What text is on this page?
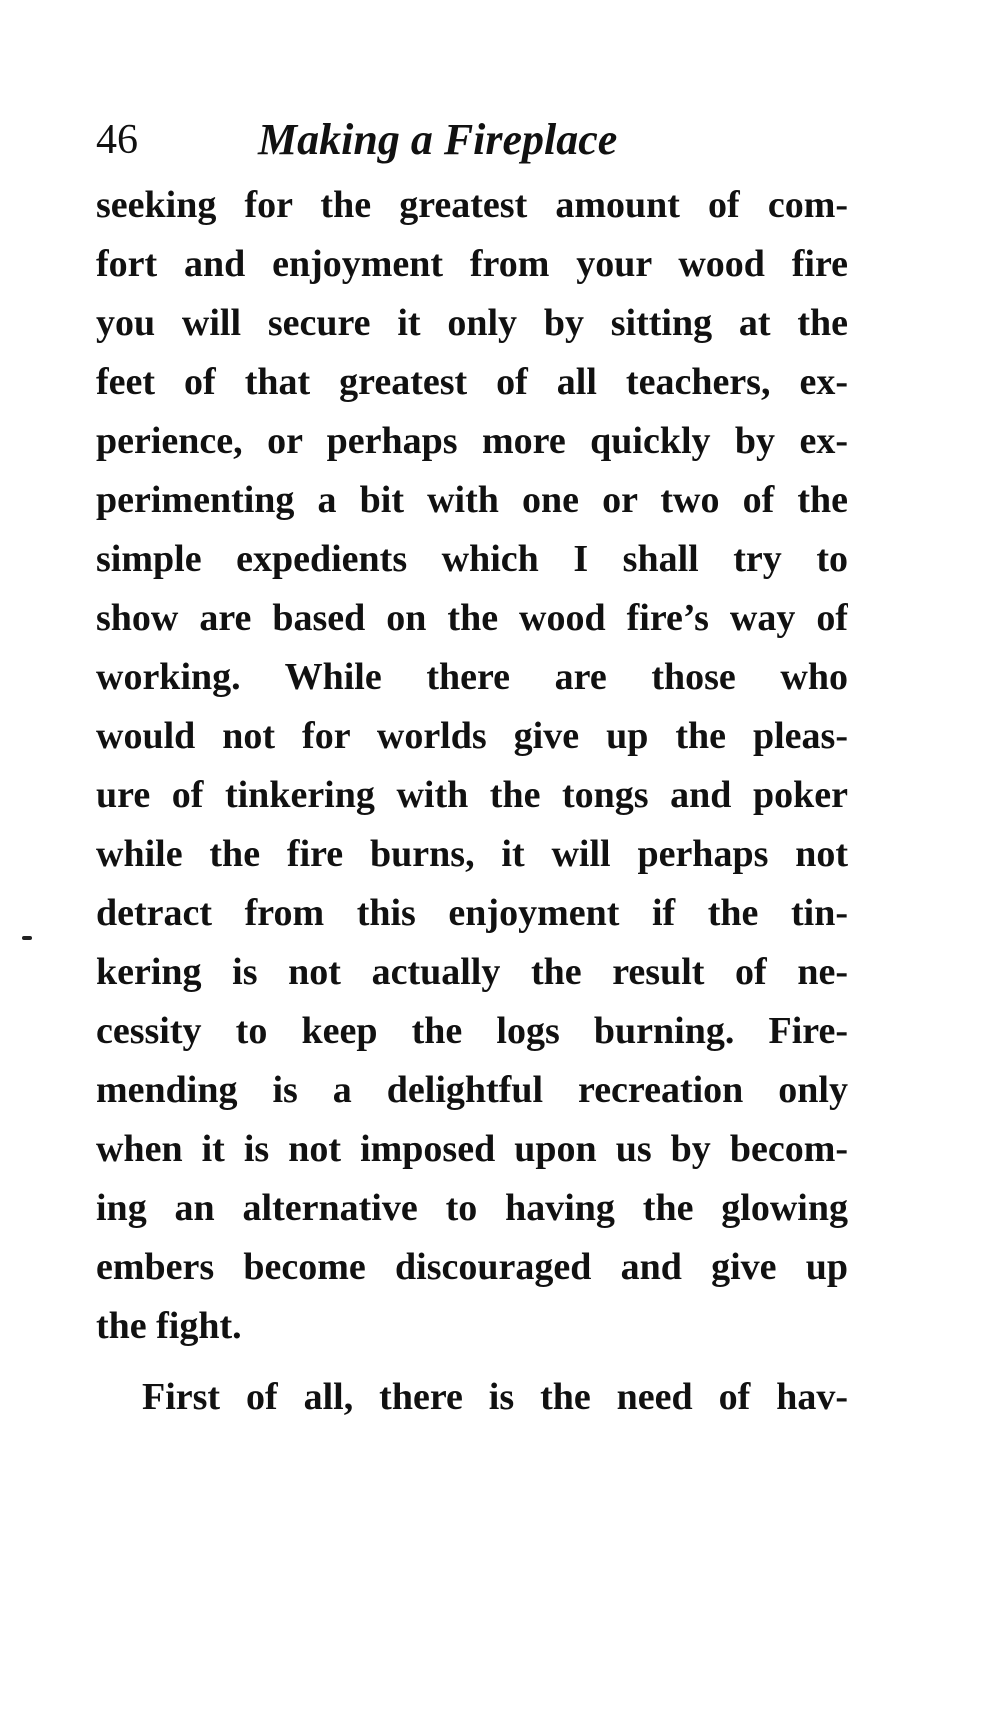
46	Making a Fireplace
seeking for the greatest amount of com-
fort and enjoyment from your wood fire
you will secure it only by sitting at the
feet of that greatest of all teachers, ex-
perience, or perhaps more quickly by ex-
perimenting a bit with one or two of the
simple expedients which I shall try to
show are based on the wood fire’s way of
working. While there are those who
would not for worlds give up the pleas-
ure of tinkering with the tongs and poker
while the fire burns, it will perhaps not
detract from this enjoyment if the tin-
kering is not actually the result of ne-
cessity to keep the logs burning. Fire-
mending is a delightful recreation only
when it is not imposed upon us by becom-
ing an alternative to having the glowing
embers become discouraged and give up
the fight.
First of all, there is the need of hav-
